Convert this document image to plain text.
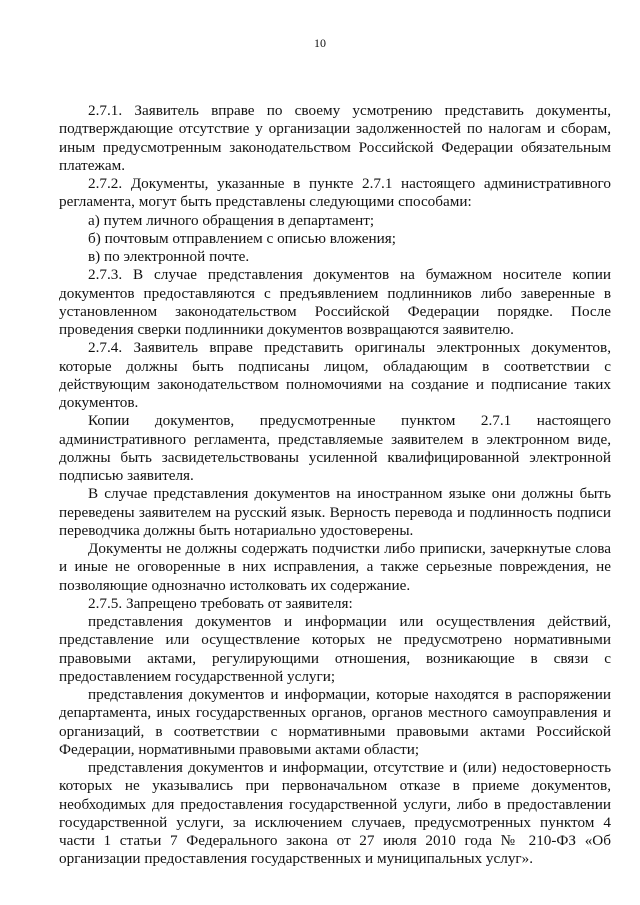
10

2.7.1. Заявитель вправе по своему усмотрению представить документы, подтверждающие отсутствие у организации задолженностей по налогам и сборам, иным предусмотренным законодательством Российской Федерации обязательным платежам.

2.7.2. Документы, указанные в пункте 2.7.1 настоящего административного регламента, могут быть представлены следующими способами:

а) путем личного обращения в департамент;

б) почтовым отправлением с описью вложения;

в) по электронной почте.

2.7.3. В случае представления документов на бумажном носителе копии документов предоставляются с предъявлением подлинников либо заверенные в установленном законодательством Российской Федерации порядке. После проведения сверки подлинники документов возвращаются заявителю.

2.7.4. Заявитель вправе представить оригиналы электронных документов, которые должны быть подписаны лицом, обладающим в соответствии с действующим законодательством полномочиями на создание и подписание таких документов.

Копии документов, предусмотренные пунктом 2.7.1 настоящего административного регламента, представляемые заявителем в электронном виде, должны быть засвидетельствованы усиленной квалифицированной электронной подписью заявителя.

В случае представления документов на иностранном языке они должны быть переведены заявителем на русский язык. Верность перевода и подлинность подписи переводчика должны быть нотариально удостоверены.

Документы не должны содержать подчистки либо приписки, зачеркнутые слова и иные не оговоренные в них исправления, а также серьезные повреждения, не позволяющие однозначно истолковать их содержание.

2.7.5. Запрещено требовать от заявителя:

представления документов и информации или осуществления действий, представление или осуществление которых не предусмотрено нормативными правовыми актами, регулирующими отношения, возникающие в связи с предоставлением государственной услуги;

представления документов и информации, которые находятся в распоряжении департамента, иных государственных органов, органов местного самоуправления и организаций, в соответствии с нормативными правовыми актами Российской Федерации, нормативными правовыми актами области;

представления документов и информации, отсутствие и (или) недостоверность которых не указывались при первоначальном отказе в приеме документов, необходимых для предоставления государственной услуги, либо в предоставлении государственной услуги, за исключением случаев, предусмотренных пунктом 4 части 1 статьи 7 Федерального закона от 27 июля 2010 года № 210-ФЗ «Об организации предоставления государственных и муниципальных услуг».
